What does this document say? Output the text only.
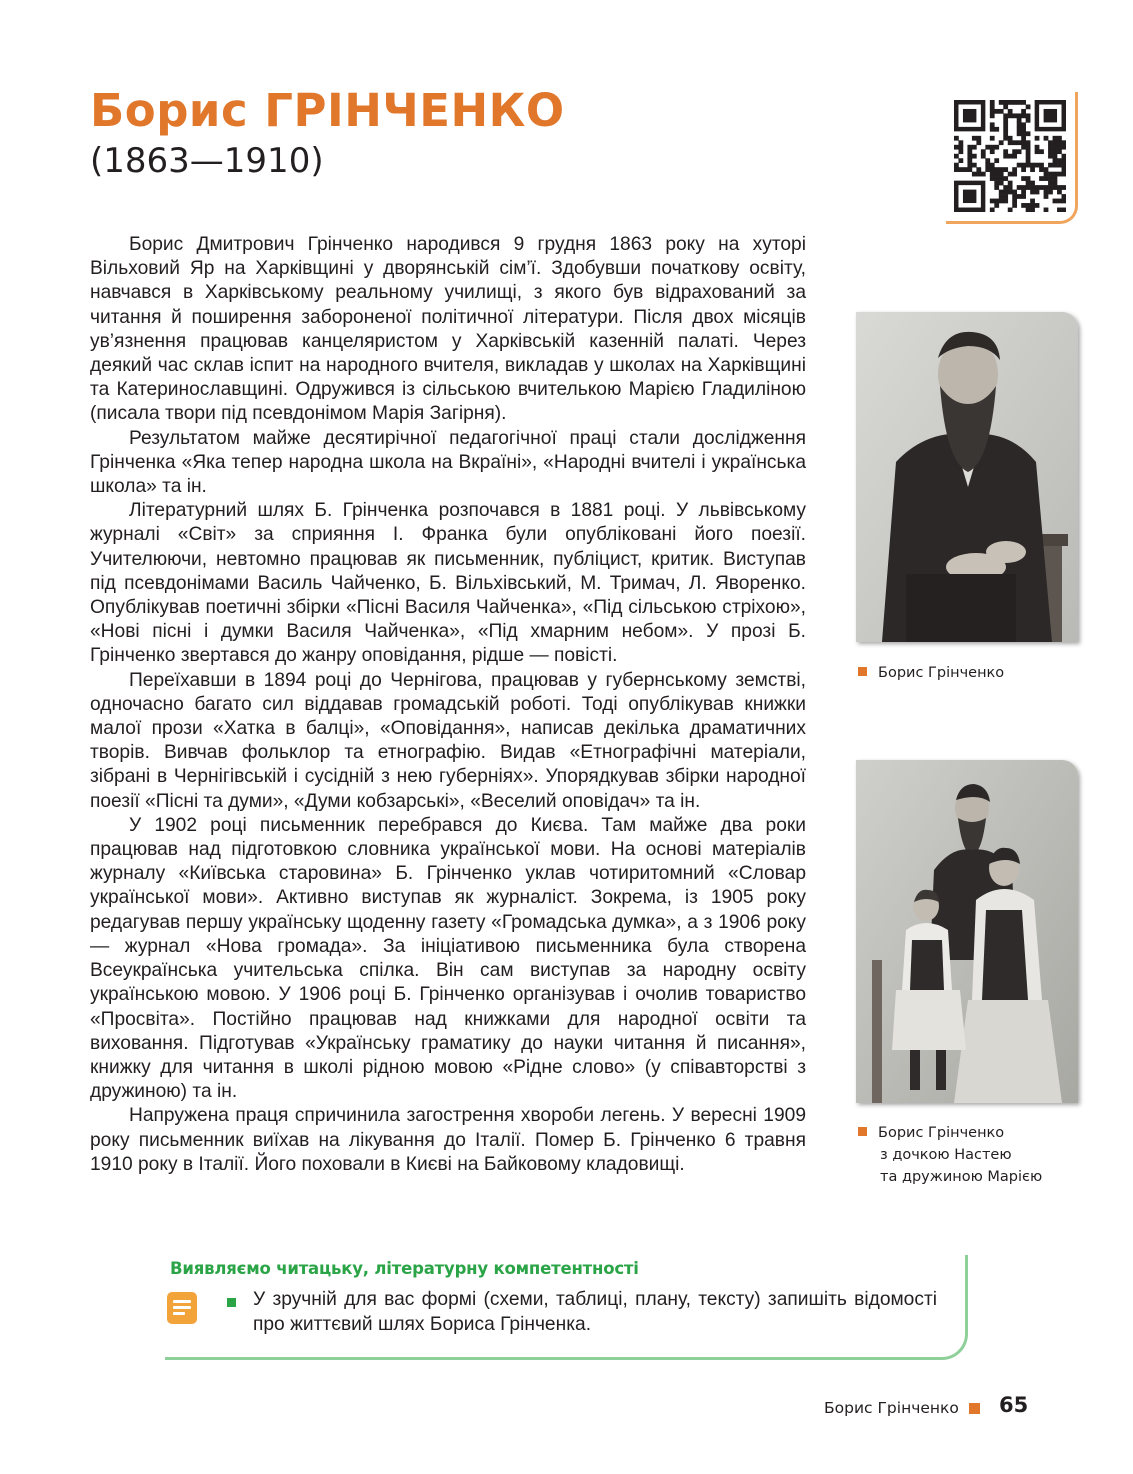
Борис ГРІНЧЕНКО
(1863—1910)

Борис Дмитрович Грінченко народився 9 грудня 1863 року на хуторі Вільховий Яр на Харківщині у дворянській сім’ї. Здобувши початкову освіту, навчався в Харківському реальному училищі, з якого був відрахований за читання й поширення забороненої політичної літератури. Після двох місяців ув’язнення працював канцеляристом у Харківській казенній палаті. Через деякий час склав іспит на народного вчителя, викладав у школах на Харківщині та Катеринославщині. Одружився із сільською вчителькою Марією Гладиліною (писала твори під псевдонімом Марія Загірня).

Результатом майже десятирічної педагогічної праці стали дослідження Грінченка «Яка тепер народна школа на Вкраїні», «Народні вчителі і українська школа» та ін.

Літературний шлях Б. Грінченка розпочався в 1881 році. У львівському журналі «Світ» за сприяння І. Франка були опубліковані його поезії. Учителюючи, невтомно працював як письменник, публіцист, критик. Виступав під псевдонімами Василь Чайченко, Б. Вільхівський, М. Тримач, Л. Яворенко. Опублікував поетичні збірки «Пісні Василя Чайченка», «Під сільською стріхою», «Нові пісні і думки Василя Чайченка», «Під хмарним небом». У прозі Б. Грінченко звертався до жанру оповідання, рідше — повісті.

Переїхавши в 1894 році до Чернігова, працював у губернському земстві, одночасно багато сил віддавав громадській роботі. Тоді опублікував книжки малої прози «Хатка в балці», «Оповідання», написав декілька драматичних творів. Вивчав фольклор та етнографію. Видав «Етнографічні матеріали, зібрані в Чернігівській і сусідній з нею губерніях». Упорядкував збірки народної поезії «Пісні та думи», «Думи кобзарські», «Веселий оповідач» та ін.

У 1902 році письменник перебрався до Києва. Там майже два роки працював над підготовкою словника української мови. На основі матеріалів журналу «Київська старовина» Б. Грінченко уклав чотиритомний «Словар української мови». Активно виступав як журналіст. Зокрема, із 1905 року редагував першу українську щоденну газету «Громадська думка», а з 1906 року — журнал «Нова громада». За ініціативою письменника була створена Всеукраїнська учительська спілка. Він сам виступав за народну освіту українською мовою. У 1906 році Б. Грінченко організував і очолив товариство «Просвіта». Постійно працював над книжками для народної освіти та виховання. Підготував «Українську граматику до науки читання й писання», книжку для читання в школі рідною мовою «Рідне слово» (у співавторстві з дружиною) та ін.

Напружена праця спричинила загострення хвороби легень. У вересні 1909 року письменник виїхав на лікування до Італії. Помер Б. Грінченко 6 травня 1910 року в Італії. Його поховали в Києві на Байковому кладовищі.

Борис Грінченко
Борис Грінченко
з дочкою Настею
та дружиною Марією
Виявляємо читацьку, літературну компетентності
У зручній для вас формі (схеми, таблиці, плану, тексту) запишіть відомості про життєвий шлях Бориса Грінченка.
Борис Грінченко 65
